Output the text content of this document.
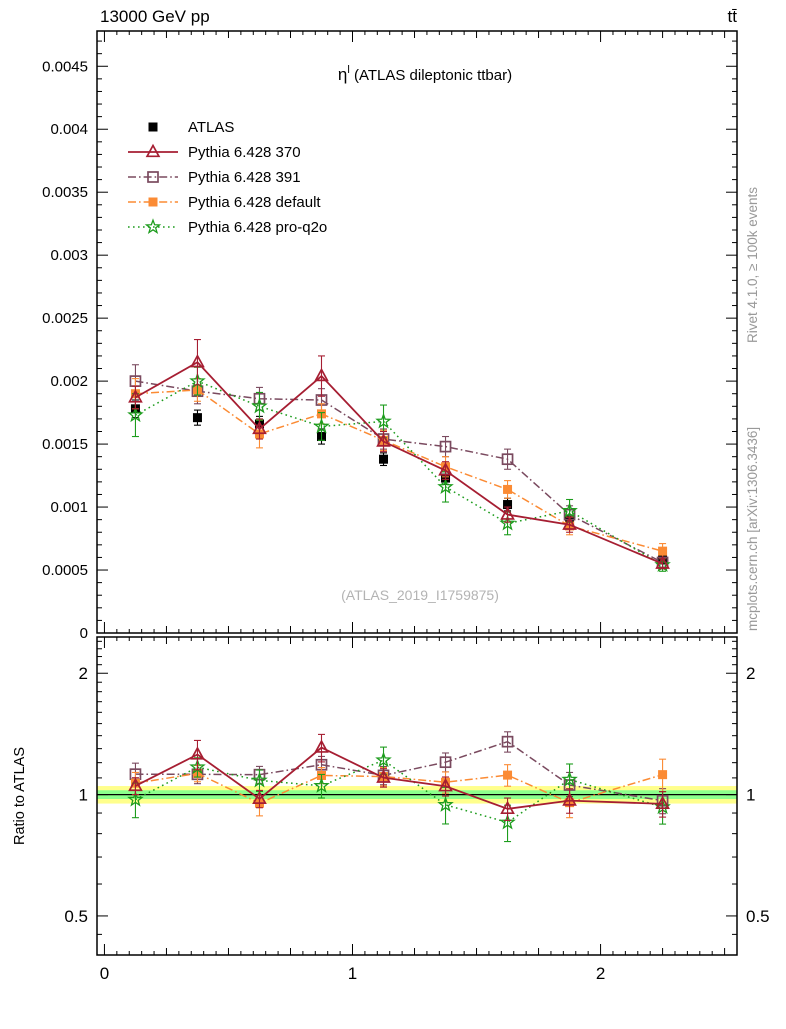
0	1	2
0
0.0005
0.001
0.0015
0.002
0.0025
0.003
0.0035
0.004
0.0045
0.5	0.5
1	1
2	2
ATLAS
Pythia 6.428 370
Pythia 6.428 391
Pythia 6.428 default
Pythia 6.428 pro-q2o
13000 GeV pp	tt̄
$\eta^l$ (ATLAS dileptonic ttbar)
(ATLAS_2019_I1759875)
Ratio to ATLAS
Rivet 4.1.0, ≥ 100k events
mcplots.cern.ch [arXiv:1306.3436]
